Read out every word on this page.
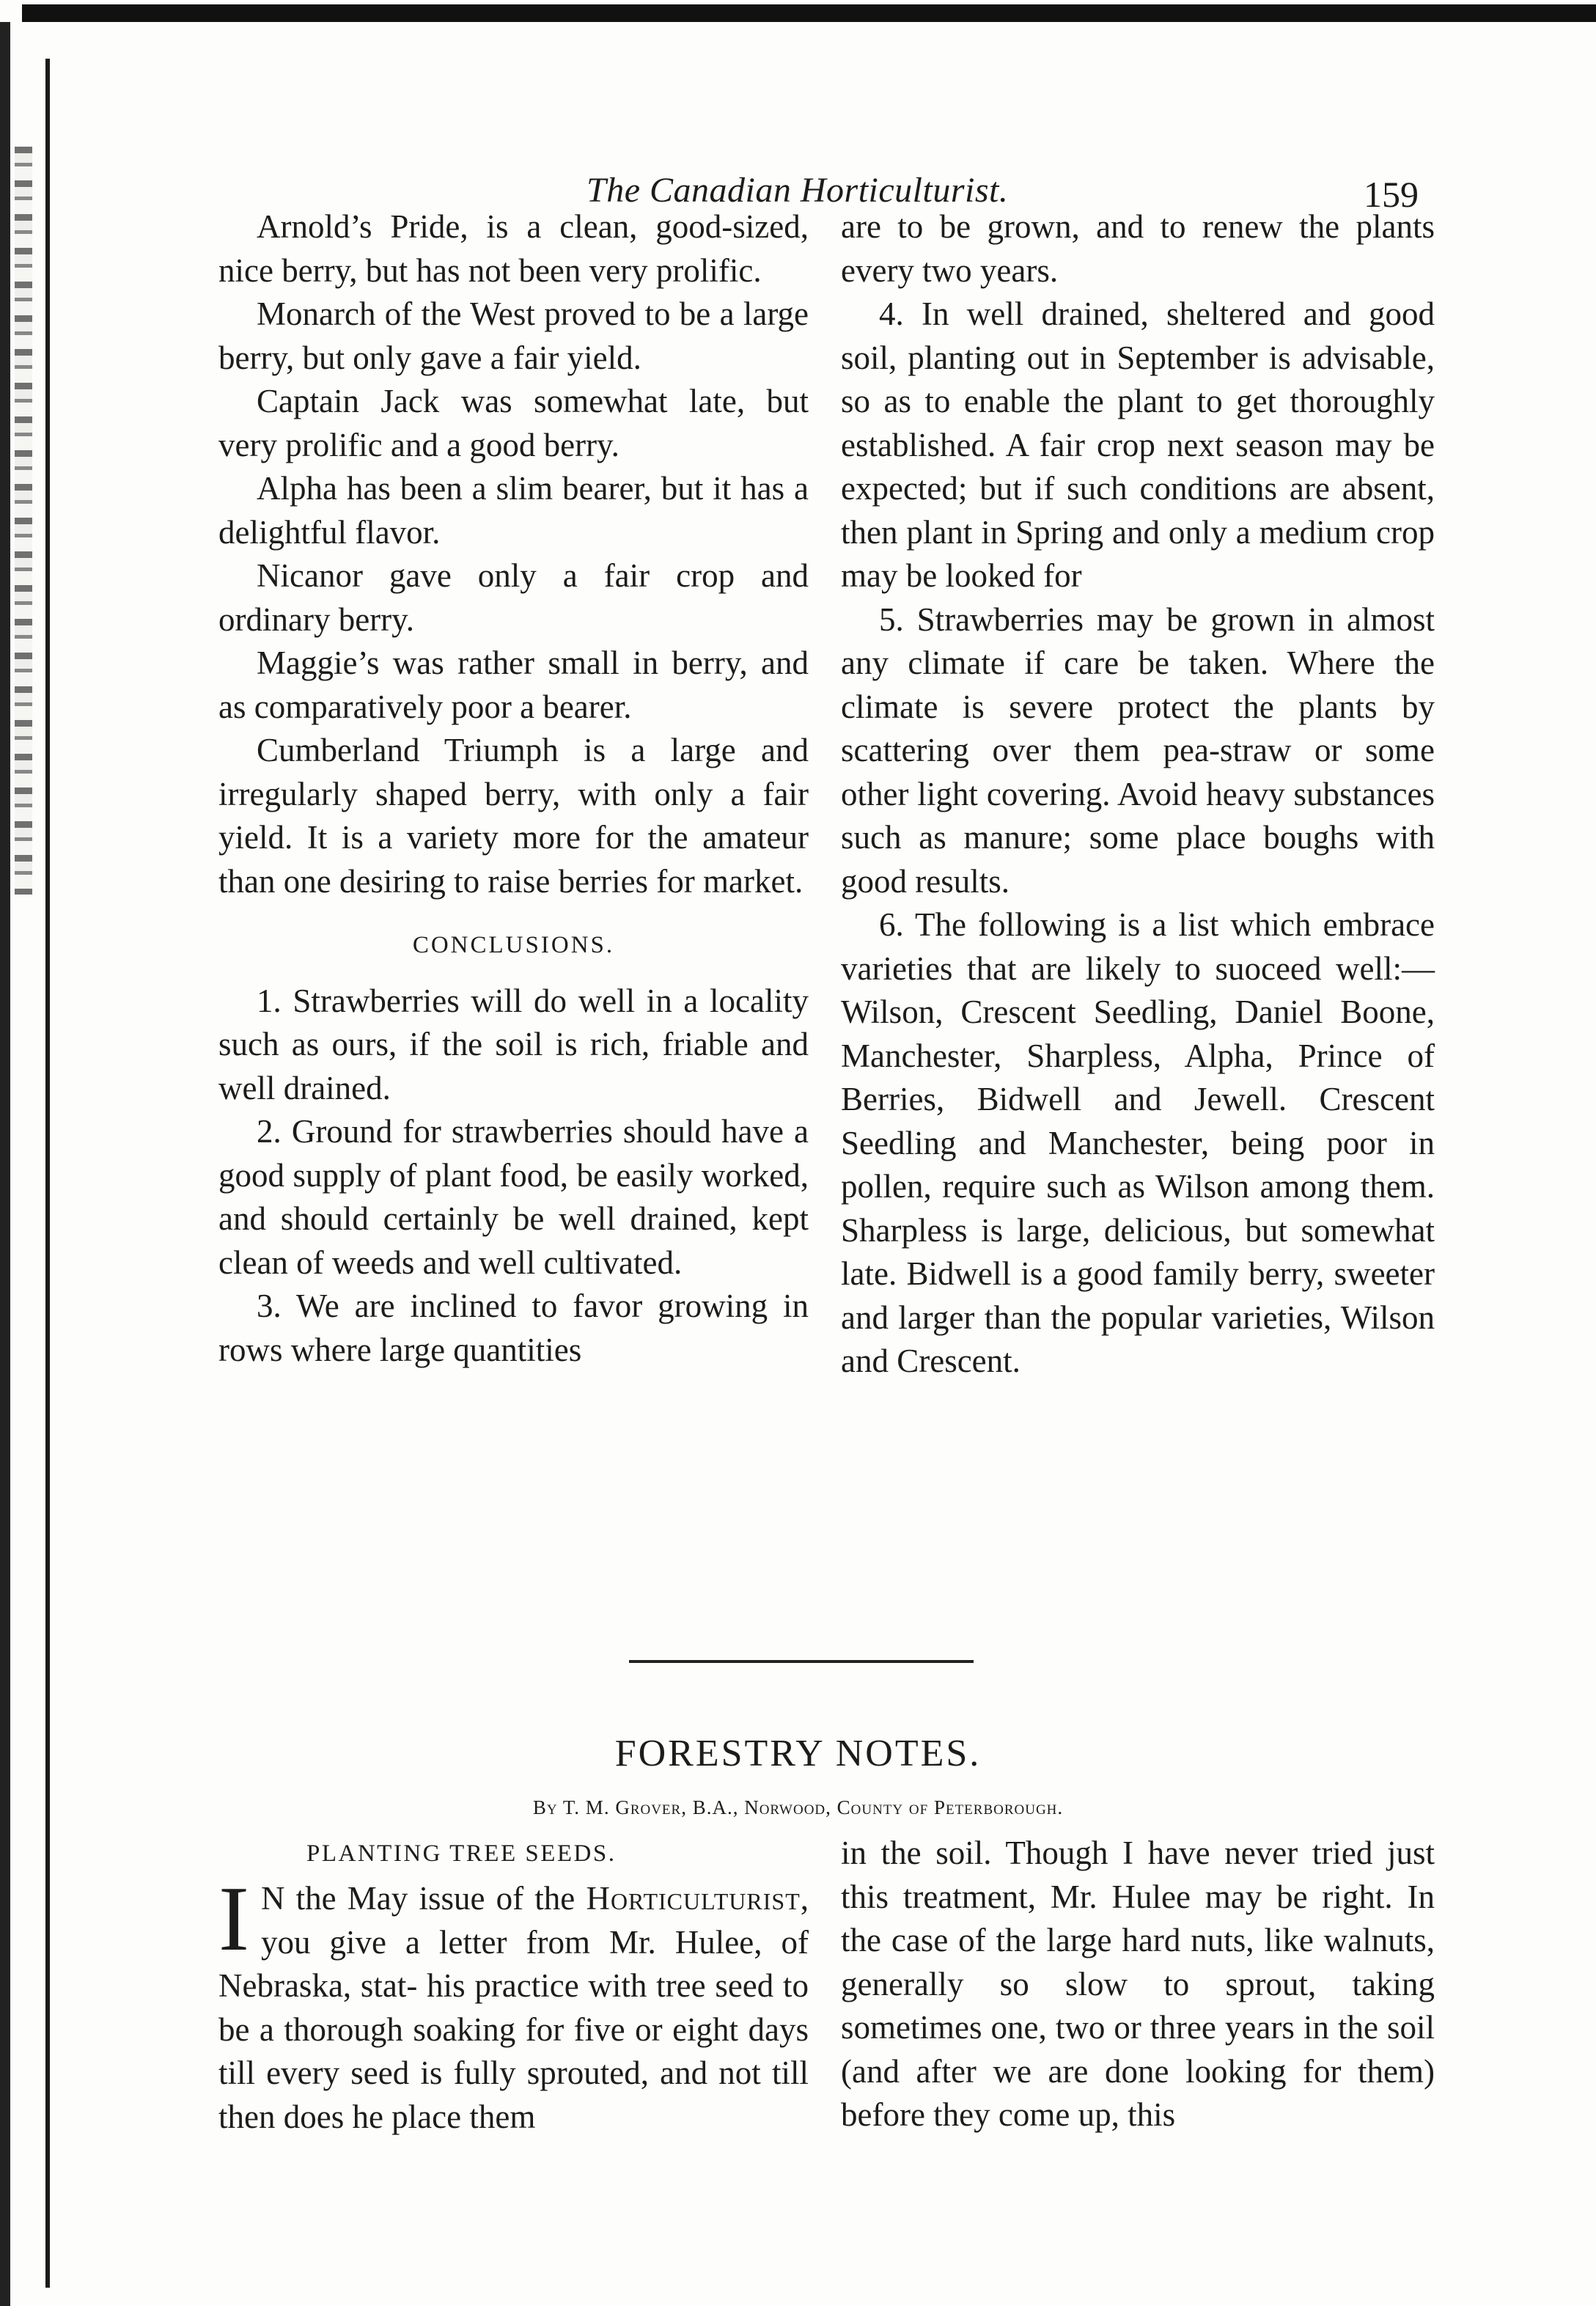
The Canadian Horticulturist.	159

Arnold’s Pride, is a clean, good-sized, nice berry, but has not been very prolific.

Monarch of the West proved to be a large berry, but only gave a fair yield.

Captain Jack was somewhat late, but very prolific and a good berry.

Alpha has been a slim bearer, but it has a delightful flavor.

Nicanor gave only a fair crop and ordinary berry.

Maggie’s was rather small in berry, and as comparatively poor a bearer.

Cumberland Triumph is a large and irregularly shaped berry, with only a fair yield. It is a variety more for the amateur than one desiring to raise berries for market.

CONCLUSIONS.

1. Strawberries will do well in a locality such as ours, if the soil is rich, friable and well drained.

2. Ground for strawberries should have a good supply of plant food, be easily worked, and should certainly be well drained, kept clean of weeds and well cultivated.

3. We are inclined to favor growing in rows where large quantities

are to be grown, and to renew the plants every two years.

4. In well drained, sheltered and good soil, planting out in September is advisable, so as to enable the plant to get thoroughly established. A fair crop next season may be expected; but if such conditions are absent, then plant in Spring and only a medium crop may be looked for

5. Strawberries may be grown in almost any climate if care be taken. Where the climate is severe protect the plants by scattering over them pea-straw or some other light covering. Avoid heavy substances such as manure; some place boughs with good results.

6. The following is a list which embrace varieties that are likely to suoceed well:—Wilson, Crescent Seedling, Daniel Boone, Manchester, Sharpless, Alpha, Prince of Berries, Bidwell and Jewell. Crescent Seedling and Manchester, being poor in pollen, require such as Wilson among them. Sharpless is large, delicious, but somewhat late. Bidwell is a good family berry, sweeter and larger than the popular varieties, Wilson and Crescent.

FORESTRY NOTES.
By T. M. Grover, B.A., Norwood, County of Peterborough.
PLANTING TREE SEEDS.

I N the May issue of the Horticulturist, you give a letter from Mr. Hulee, of Nebraska, stat- his practice with tree seed to be a thorough soaking for five or eight days till every seed is fully sprouted, and not till then does he place them

in the soil. Though I have never tried just this treatment, Mr. Hulee may be right. In the case of the large hard nuts, like walnuts, generally so slow to sprout, taking sometimes one, two or three years in the soil (and after we are done looking for them) before they come up, this
